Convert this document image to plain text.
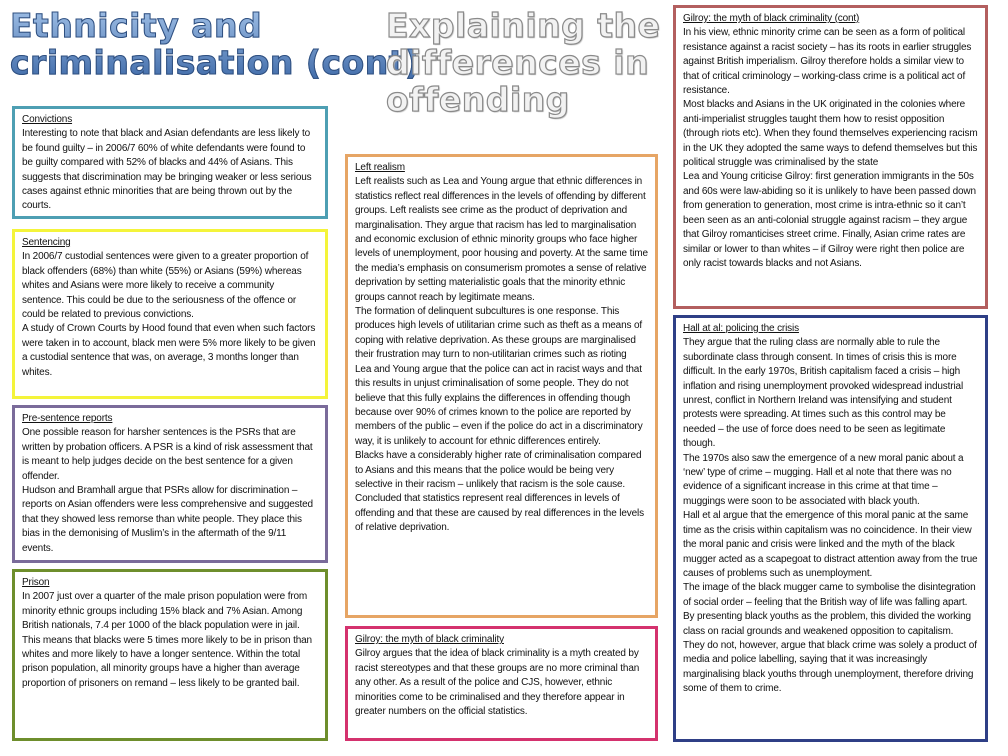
Ethnicity and
criminalisation (cont)
Explaining the
differences in
offending

Convictions

Interesting to note that black and Asian defendants are less likely to be found guilty – in 2006/7 60% of white defendants were found to be guilty compared with 52% of blacks and 44% of Asians. This suggests that discrimination may be bringing weaker or less serious cases against ethnic minorities that are being thrown out by the courts.

Sentencing

In 2006/7 custodial sentences were given to a greater proportion of black offenders (68%) than white (55%) or Asians (59%) whereas whites and Asians were more likely to receive a community sentence. This could be due to the seriousness of the offence or could be related to previous convictions.

A study of Crown Courts by Hood found that even when such factors were taken in to account, black men were 5% more likely to be given a custodial sentence that was, on average, 3 months longer than whites.

Pre-sentence reports

One possible reason for harsher sentences is the PSRs that are written by probation officers. A PSR is a kind of risk assessment that is meant to help judges decide on the best sentence for a given offender.

Hudson and Bramhall argue that PSRs allow for discrimination – reports on Asian offenders were less comprehensive and suggested that they showed less remorse than white people. They place this bias in the demonising of Muslim’s in the aftermath of the 9/11 events.

Prison

In 2007 just over a quarter of the male prison population were from minority ethnic groups including 15% black and 7% Asian. Among British nationals, 7.4 per 1000 of the black population were in jail.

This means that blacks were 5 times more likely to be in prison than whites and more likely to have a longer sentence. Within the total prison population, all minority groups have a higher than average proportion of prisoners on remand – less likely to be granted bail.

Left realism

Left realists such as Lea and Young argue that ethnic differences in statistics reflect real differences in the levels of offending by different groups. Left realists see crime as the product of deprivation and marginalisation. They argue that racism has led to marginalisation and economic exclusion of ethnic minority groups who face higher levels of unemployment, poor housing and poverty. At the same time the media’s emphasis on consumerism promotes a sense of relative deprivation by setting materialistic goals that the minority ethnic groups cannot reach by legitimate means.

The formation of delinquent subcultures is one response. This produces high levels of utilitarian crime such as theft as a means of coping with relative deprivation. As these groups are marginalised their frustration may turn to non-utilitarian crimes such as rioting

Lea and Young argue that the police can act in racist ways and that this results in unjust criminalisation of some people. They do not believe that this fully explains the differences in offending though because over 90% of crimes known to the police are reported by members of the public – even if the police do act in a discriminatory way, it is unlikely to account for ethnic differences entirely.

Blacks have a considerably higher rate of criminalisation compared to Asians and this means that the police would be being very selective in their racism – unlikely that racism is the sole cause.

Concluded that statistics represent real differences in levels of offending and that these are caused by real differences in the levels of relative deprivation.

Gilroy: the myth of black criminality

Gilroy argues that the idea of black criminality is a myth created by racist stereotypes and that these groups are no more criminal than any other. As a result of the police and CJS, however, ethnic minorities come to be criminalised and they therefore appear in greater numbers on the official statistics.

Gilroy: the myth of black criminality (cont)

In his view, ethnic minority crime can be seen as a form of political resistance against a racist society – has its roots in earlier struggles against British imperialism. Gilroy therefore holds a similar view to that of critical criminology – working-class crime is a political act of resistance.

Most blacks and Asians in the UK originated in the colonies where anti-imperialist struggles taught them how to resist opposition (through riots etc). When they found themselves experiencing racism in the UK they adopted the same ways to defend themselves but this political struggle was criminalised by the state

Lea and Young criticise Gilroy: first generation immigrants in the 50s and 60s were law-abiding so it is unlikely to have been passed down from generation to generation, most crime is intra-ethnic so it can’t been seen as an anti-colonial struggle against racism – they argue that Gilroy romanticises street crime. Finally, Asian crime rates are similar or lower to than whites – if Gilroy were right then police are only racist towards blacks and not Asians.

Hall at al: policing the crisis

They argue that the ruling class are normally able to rule the subordinate class through consent. In times of crisis this is more difficult. In the early 1970s, British capitalism faced a crisis – high inflation and rising unemployment provoked widespread industrial unrest, conflict in Northern Ireland was intensifying and student protests were spreading. At times such as this control may be needed – the use of force does need to be seen as legitimate though.

The 1970s also saw the emergence of a new moral panic about a ‘new’ type of crime – mugging. Hall et al note that there was no evidence of a significant increase in this crime at that time – muggings were soon to be associated with black youth.

Hall et al argue that the emergence of this moral panic at the same time as the crisis within capitalism was no coincidence. In their view the moral panic and crisis were linked and the myth of the black mugger acted as a scapegoat to distract attention away from the true causes of problems such as unemployment.

The image of the black mugger came to symbolise the disintegration of social order – feeling that the British way of life was falling apart. By presenting black youths as the problem, this divided the working class on racial grounds and weakened opposition to capitalism.

They do not, however, argue that black crime was solely a product of media and police labelling, saying that it was increasingly marginalising black youths through unemployment, therefore driving some of them to crime.
